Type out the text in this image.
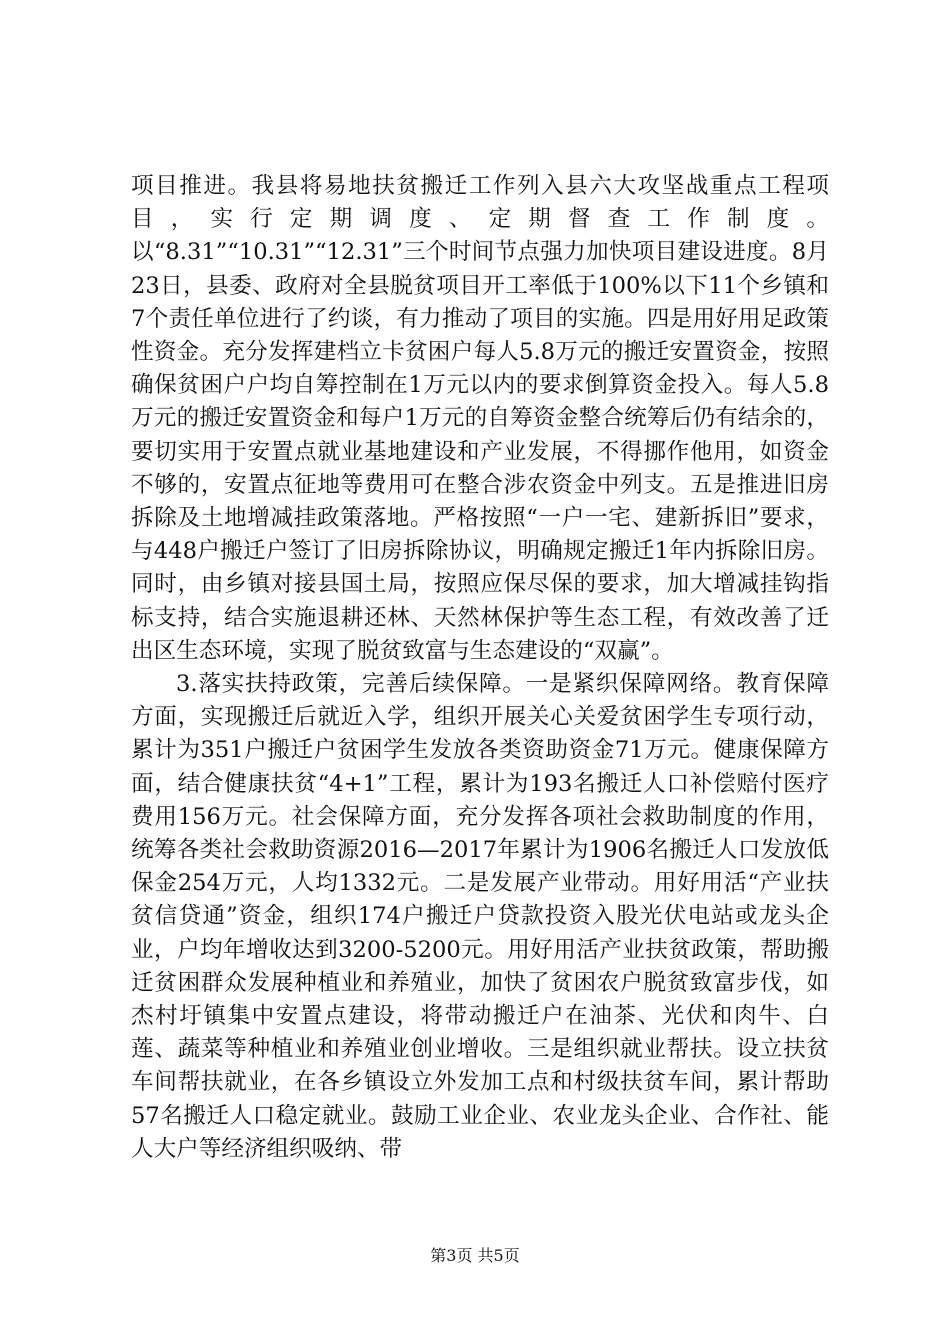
项目推进。我县将易地扶贫搬迁工作列入县六大攻坚战重点工程项目，实行定期调度、定期督查工作制度。以“8.31”“10.31”“12.31”三个时间节点强力加快项目建设进度。8月23日，县委、政府对全县脱贫项目开工率低于100%以下11个乡镇和7个责任单位进行了约谈，有力推动了项目的实施。四是用好用足政策性资金。充分发挥建档立卡贫困户每人5.8万元的搬迁安置资金，按照确保贫困户户均自筹控制在1万元以内的要求倒算资金投入。每人5.8万元的搬迁安置资金和每户1万元的自筹资金整合统筹后仍有结余的，要切实用于安置点就业基地建设和产业发展，不得挪作他用，如资金不够的，安置点征地等费用可在整合涉农资金中列支。五是推进旧房拆除及土地增减挂政策落地。严格按照“一户一宅、建新拆旧”要求，与448户搬迁户签订了旧房拆除协议，明确规定搬迁1年内拆除旧房。同时，由乡镇对接县国土局，按照应保尽保的要求，加大增减挂钩指标支持，结合实施退耕还林、天然林保护等生态工程，有效改善了迁出区生态环境，实现了脱贫致富与生态建设的“双赢”。

3.落实扶持政策，完善后续保障。一是紧织保障网络。教育保障方面，实现搬迁后就近入学，组织开展关心关爱贫困学生专项行动，累计为351户搬迁户贫困学生发放各类资助资金71万元。健康保障方面，结合健康扶贫“4+1”工程，累计为193名搬迁人口补偿赔付医疗费用156万元。社会保障方面，充分发挥各项社会救助制度的作用，统筹各类社会救助资源2016—2017年累计为1906名搬迁人口发放低保金254万元，人均1332元。二是发展产业带动。用好用活“产业扶贫信贷通”资金，组织174户搬迁户贷款投资入股光伏电站或龙头企业，户均年增收达到3200-5200元。用好用活产业扶贫政策，帮助搬迁贫困群众发展种植业和养殖业，加快了贫困农户脱贫致富步伐，如杰村圩镇集中安置点建设，将带动搬迁户在油茶、光伏和肉牛、白莲、蔬菜等种植业和养殖业创业增收。三是组织就业帮扶。设立扶贫车间帮扶就业，在各乡镇设立外发加工点和村级扶贫车间，累计帮助57名搬迁人口稳定就业。鼓励工业企业、农业龙头企业、合作社、能人大户等经济组织吸纳、带

第3页 共5页
